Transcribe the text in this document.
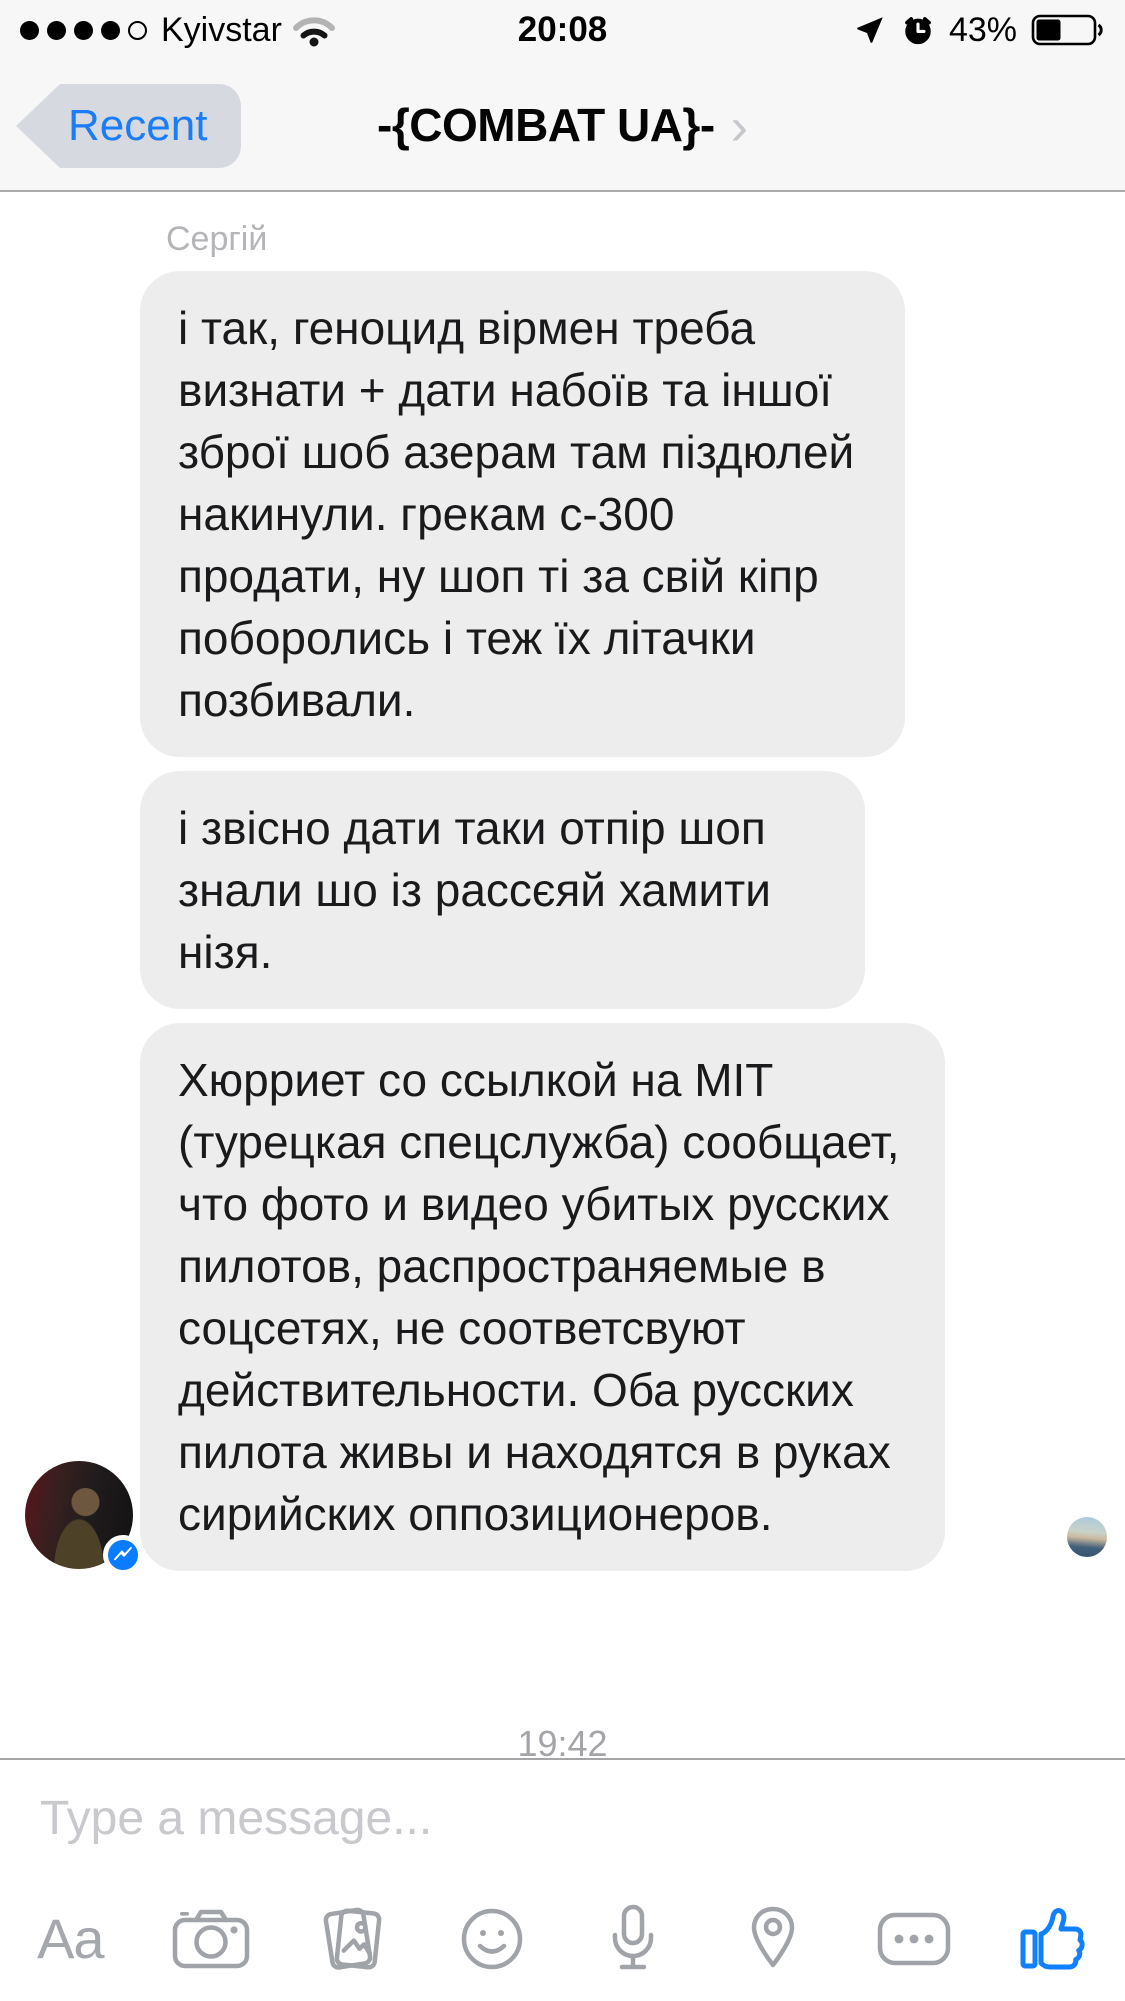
Kyivstar	20:08	43%
Recent	-{COMBAT UA}- ›
Сергій
і так, геноцид вірмен треба визнати + дати набоїв та іншої зброї шоб азерам там піздюлей накинули. грекам с-300 продати, ну шоп ті за свій кіпр поборолись і теж їх літачки позбивали.
і звісно дати таки отпір шоп знали шо із рассєяй хамити нізя.
Хюрриет со ссылкой на МІТ (турецкая спецслужба) сообщает, что фото и видео убитых русских пилотов, распространяемые в соцсетях, не соответсвуют действительности. Оба русских пилота живы и находятся в руках сирийских оппозиционеров.
19:42
Type a message...
Aa
